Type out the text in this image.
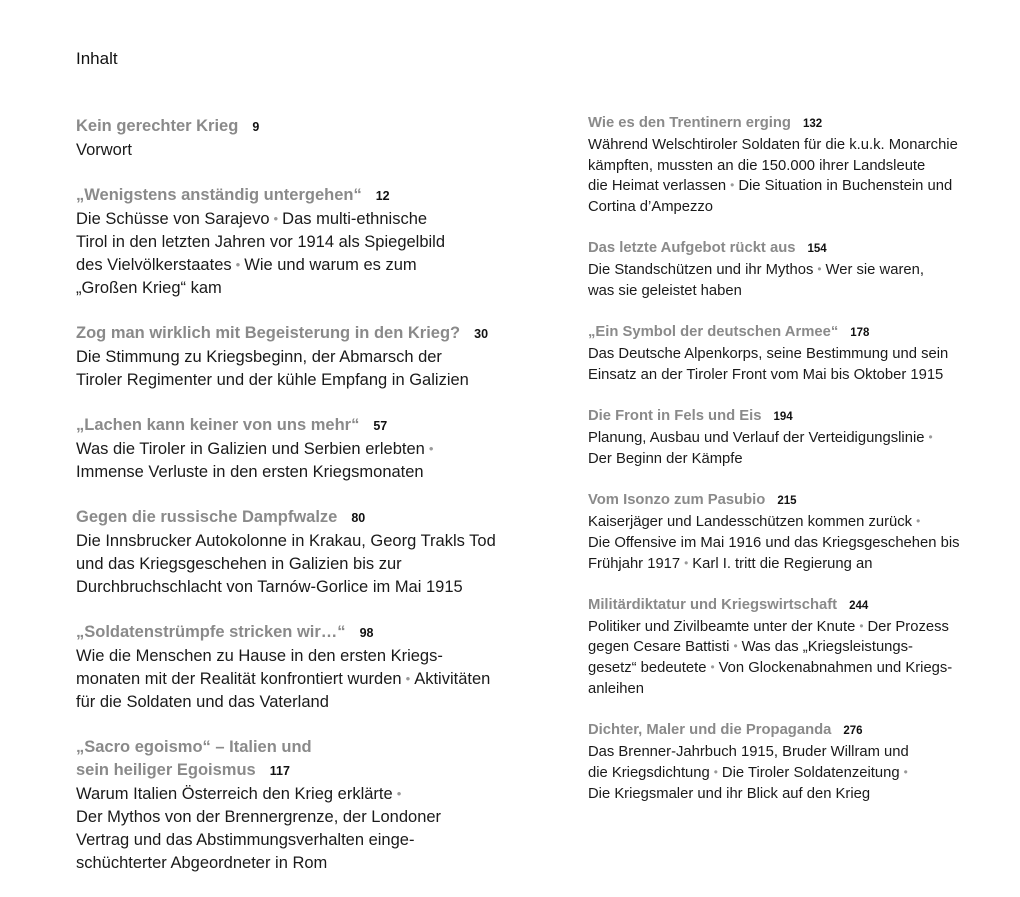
Inhalt
Kein gerechter Krieg 9
Vorwort
„Wenigstens anständig untergehen“ 12
Die Schüsse von Sarajevo • Das multi-ethnische
Tirol in den letzten Jahren vor 1914 als Spiegelbild
des Vielvölkerstaates • Wie und warum es zum
„Großen Krieg“ kam
Zog man wirklich mit Begeisterung in den Krieg? 30
Die Stimmung zu Kriegsbeginn, der Abmarsch der
Tiroler Regimenter und der kühle Empfang in Galizien
„Lachen kann keiner von uns mehr“ 57
Was die Tiroler in Galizien und Serbien erlebten •
Immense Verluste in den ersten Kriegsmonaten
Gegen die russische Dampfwalze 80
Die Innsbrucker Autokolonne in Krakau, Georg Trakls Tod
und das Kriegsgeschehen in Galizien bis zur
Durchbruchschlacht von Tarnów-Gorlice im Mai 1915
„Soldatenstrümpfe stricken wir…“ 98
Wie die Menschen zu Hause in den ersten Kriegs-
monaten mit der Realität konfrontiert wurden • Aktivitäten
für die Soldaten und das Vaterland
„Sacro egoismo“ – Italien und
sein heiliger Egoismus 117
Warum Italien Österreich den Krieg erklärte •
Der Mythos von der Brennergrenze, der Londoner
Vertrag und das Abstimmungsverhalten einge-
schüchterter Abgeordneter in Rom
Wie es den Trentinern erging 132
Während Welschtiroler Soldaten für die k.u.k. Monarchie
kämpften, mussten an die 150.000 ihrer Landsleute
die Heimat verlassen • Die Situation in Buchenstein und
Cortina d’Ampezzo
Das letzte Aufgebot rückt aus 154
Die Standschützen und ihr Mythos • Wer sie waren,
was sie geleistet haben
„Ein Symbol der deutschen Armee“ 178
Das Deutsche Alpenkorps, seine Bestimmung und sein
Einsatz an der Tiroler Front vom Mai bis Oktober 1915
Die Front in Fels und Eis 194
Planung, Ausbau und Verlauf der Verteidigungslinie •
Der Beginn der Kämpfe
Vom Isonzo zum Pasubio 215
Kaiserjäger und Landesschützen kommen zurück •
Die Offensive im Mai 1916 und das Kriegsgeschehen bis
Frühjahr 1917 • Karl I. tritt die Regierung an
Militärdiktatur und Kriegswirtschaft 244
Politiker und Zivilbeamte unter der Knute • Der Prozess
gegen Cesare Battisti • Was das „Kriegsleistungs-
gesetz“ bedeutete • Von Glockenabnahmen und Kriegs-
anleihen
Dichter, Maler und die Propaganda 276
Das Brenner-Jahrbuch 1915, Bruder Willram und
die Kriegsdichtung • Die Tiroler Soldatenzeitung •
Die Kriegsmaler und ihr Blick auf den Krieg
